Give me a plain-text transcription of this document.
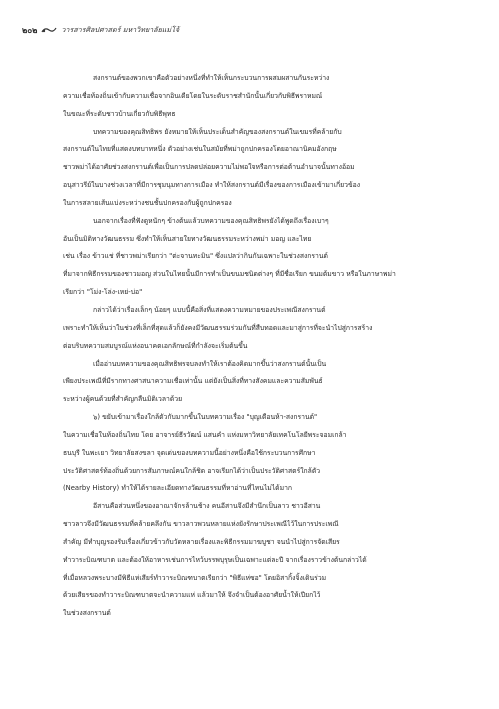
๒๐๒	วารสารศิลปศาสตร์ มหาวิทยาลัยแม่โจ้

สงกรานต์ของพวกเขาคือตัวอย่างหนึ่งที่ทำให้เห็นกระบวนการผสมผสานกันระหว่าง
ความเชื่อท้องถิ่นเข้ากับความเชื่อจากอินเดียโดยในระดับราชสำนักนั้นเกี่ยวกับพิธีพราหมณ์
ในขณะที่ระดับชาวบ้านเกี่ยวกับพิธีพุทธ

บทความของคุณสิทธิพร ยังหมายให้เห็นประเด็นสำคัญของสงกรานต์ในเขมรที่คล้ายกับ
สงกรานต์ในไทยที่แสดงบทบาทหนึ่ง ตัวอย่างเช่นในสมัยที่พม่าถูกปกครองโดยอาณานิคมอังกฤษ
ชาวพม่าได้อาศัยช่วงสงกรานต์เพื่อเป็นการปลดปล่อยความไม่พอใจหรือการต่อต้านอำนาจนั้นทางอ้อม
อนุสาวรีย์ในบางช่วงเวลาที่มีการชุมนุมทางการเมือง ทำให้สงกรานต์มีเรื่องของการเมืองเข้ามาเกี่ยวข้อง
ในการสลายเส้นแบ่งระหว่างชนชั้นปกครองกับผู้ถูกปกครอง

นอกจากเรื่องที่ฟังดูหนักๆ ข้างต้นแล้วบทความของคุณสิทธิพรยังได้พูดถึงเรื่องเบาๆ
อันเป็นมิติทางวัฒนธรรม ซึ่งทำให้เห็นสายใยทางวัฒนธรรมระหว่างพม่า มอญ และไทย
เช่น เรื่อง ข้าวแช่ ที่ชาวพม่าเรียกว่า "ต่ะจานทะมิน" ซึ่งแปลว่ากินกันเฉพาะในช่วงสงกรานต์
ที่มาจากพิธีกรรมของชาวมอญ ส่วนในไทยนั้นมีการทำเป็นขนมชนิดต่างๆ ที่มีชื่อเรียก ขนมต้มขาว หรือในภาษาพม่า
เรียกว่า "โม่ง-โล่ง-เหย่-บ่อ"

กล่าวได้ว่าเรื่องเล็กๆ น้อยๆ แบบนี้คือสิ่งที่แสดงความหมายของประเพณีสงกรานต์
เพราะทำให้เห็นว่าในช่วงที่เล็กที่สุดแล้วก็ยังคงมีวัฒนธรรมร่วมกันที่สืบทอดและมาสู่การที่จะนำไปสู่การสร้าง
ต่อบริบทความสมบูรณ์แห่งอนาคตเอกลักษณ์ที่กำลังจะเริ่มต้นขึ้น

เมื่ออ่านบทความของคุณสิทธิพรจบลงทำให้เราต้องคิดมากขึ้นว่าสงกรานต์นั้นเป็น
เพียงประเพณีที่มีรากทางศาสนาความเชื่อเท่านั้น แต่ยังเป็นสิ่งที่ทางสังคมและความสัมพันธ์
ระหว่างผู้คนด้วยที่สำคัญกลืนมิติเวลาด้วย

๖) ขยับเข้ามาเรื่องใกล้ตัวกับมากขึ้นในบทความเรื่อง "บุญเดือนห้า-สงกรานต์"
ในความเชื่อในท้องถิ่นไทย โดย อาจารย์ธีรวัฒน์ แสนคำ แห่งมหาวิทยาลัยเทคโนโลยีพระจอมเกล้า
ธนบุรี ในพะเยา วิทยาลัยสงขลา จุดเด่นของบทความนี้อย่างหนึ่งคือใช้กระบวนการศึกษา
ประวัติศาสตร์ท้องถิ่นด้วยการสัมภาษณ์คนใกล้ชิด อาจเรียกได้ว่าเป็นประวัติศาสตร์ใกล้ตัว
(Nearby History) ทำให้ได้รายละเอียดทางวัฒนธรรมที่หาอ่านที่ไหนไม่ได้มาก

อีสานคือส่วนหนึ่งของอาณาจักรล้านช้าง คนอีสานจึงมีสำนึกเป็นลาว ชาวอีสาน
ชาวลาวจึงมีวัฒนธรรมที่คล้ายคลึงกัน ขาวลาวพวนหลายแห่งยังรักษาประเพณีไว้ในการประเพณี
สำคัญ มีทำบุญรองรับเรื่องเกี่ยวข้าวกับวัดหลายเรื่องและพิธีกรรมมาฆบูชา จนนำไปสู่การจัดเสียร
ทำวาระบิณฑบาต และต้องให้อาหารเช่นการไหว้บรรพบุรุษเป็นเฉพาะแต่ละปี จากเรื่องราวข้างต้นกล่าวได้
ที่เมื่อหลวงพระบางมีพิธีแห่เสียร์ทำวาระบิณฑบาตเรียกว่า "พิธีแห่ซอ" โดยอิสากิ้งจิ้งเดินร่วม
ด้วยเสียรของทำวาระบิณฑบาตจะนำความแห่ แล้วมาให้ จึงจำเป็นต้องอาศัยน้ำให้เปียกไว้
ในช่วงสงกรานต์
